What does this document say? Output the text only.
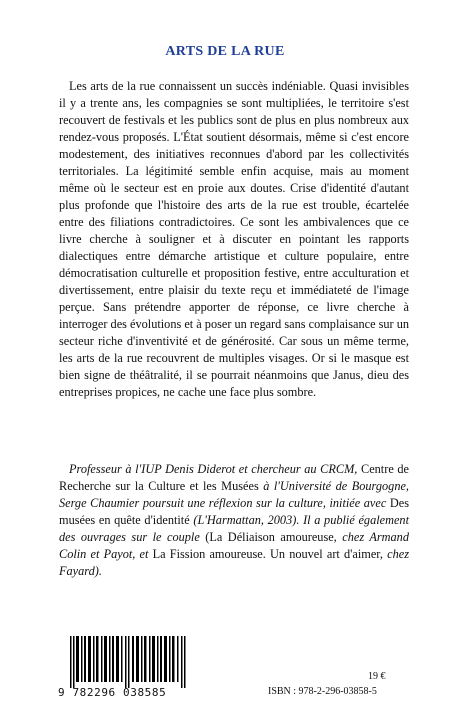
ARTS DE LA RUE

Les arts de la rue connaissent un succès indéniable. Quasi invisibles il y a trente ans, les compagnies se sont multipliées, le territoire s'est recouvert de festivals et les publics sont de plus en plus nombreux aux rendez-vous proposés. L'État soutient désormais, même si c'est encore modestement, des initiatives reconnues d'abord par les collectivités territoriales. La légitimité semble enfin acquise, mais au moment même où le secteur est en proie aux doutes. Crise d'identité d'autant plus profonde que l'histoire des arts de la rue est trouble, écartelée entre des filiations contradictoires. Ce sont les ambivalences que ce livre cherche à souligner et à discuter en pointant les rapports dialectiques entre démarche artistique et culture populaire, entre démocratisation culturelle et proposition festive, entre acculturation et divertissement, entre plaisir du texte reçu et immédiateté de l'image perçue. Sans prétendre apporter de réponse, ce livre cherche à interroger des évolutions et à poser un regard sans complaisance sur un secteur riche d'inventivité et de générosité. Car sous un même terme, les arts de la rue recouvrent de multiples visages. Or si le masque est bien signe de théâtralité, il se pourrait néanmoins que Janus, dieu des entreprises propices, ne cache une face plus sombre.

Professeur à l'IUP Denis Diderot et chercheur au CRCM, Centre de Recherche sur la Culture et les Musées à l'Université de Bourgogne, Serge Chaumier poursuit une réflexion sur la culture, initiée avec Des musées en quête d'identité (L'Harmattan, 2003). Il a publié également des ouvrages sur le couple (La Déliaison amoureuse, chez Armand Colin et Payot, et La Fission amoureuse. Un nouvel art d'aimer, chez Fayard).

9 782296 038585
19 €
ISBN : 978-2-296-03858-5
